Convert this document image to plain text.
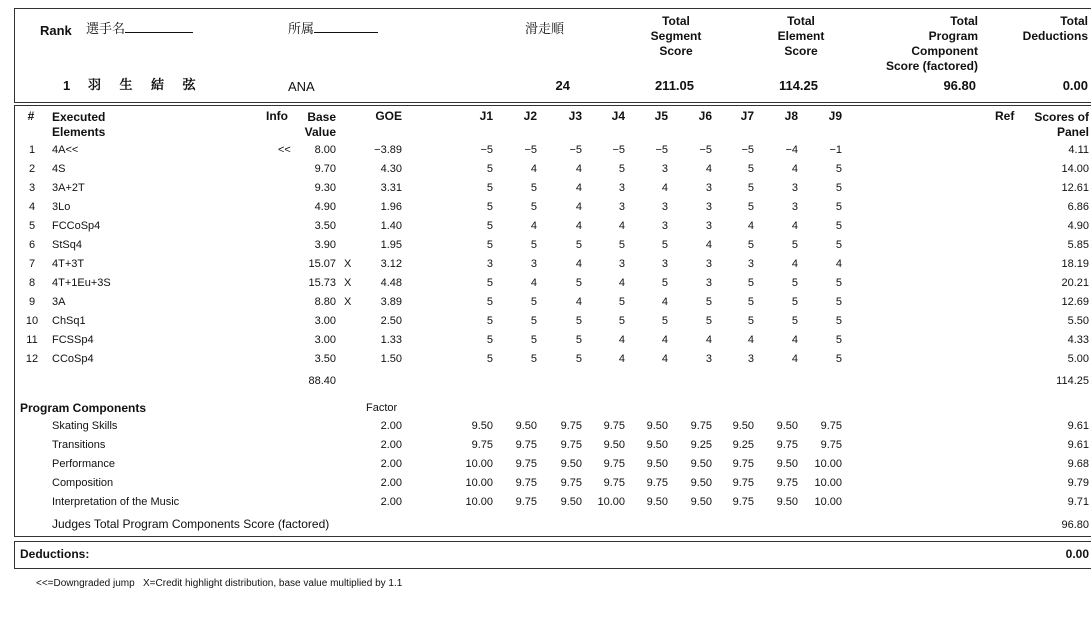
Rank 選手名	所属	滑走順
Total
Segment
Score
Total
Element
Score
Total
Program
Component
Score (factored)
Total
Deductions
1 羽 生 結 弦	ANA	24	211.05	114.25	96.80	0.00
#	Executed
Elements
Info	Base
Value
GOE	Ref	Scores of
Panel
J1	J2	J3	J4	J5	J6	J7	J8	J9
1	4A<<	<<	8.00	−3.89	−5	−5	−5	−5	−5	−5	−5	−4	−1	4.11
2	4S	9.70	4.30	5	4	4	5	3	4	5	4	5	14.00
3	3A+2T	9.30	3.31	5	5	4	3	4	3	5	3	5	12.61
4	3Lo	4.90	1.96	5	5	4	3	3	3	5	3	5	6.86
5	FCCoSp4	3.50	1.40	5	4	4	4	3	3	4	4	5	4.90
6	StSq4	3.90	1.95	5	5	5	5	5	4	5	5	5	5.85
7	4T+3T	15.07 X	3.12	3	3	4	3	3	3	3	4	4	18.19
8	4T+1Eu+3S	15.73 X	4.48	5	4	5	4	5	3	5	5	5	20.21
9	3A	8.80 X	3.89	5	5	4	5	4	5	5	5	5	12.69
10	ChSq1	3.00	2.50	5	5	5	5	5	5	5	5	5	5.50
11	FCSSp4	3.00	1.33	5	5	5	4	4	4	4	4	5	4.33
12	CCoSp4	3.50	1.50	5	5	5	4	4	3	3	4	5	5.00
88.40	114.25
Program Components	Factor
Skating Skills	2.00	9.50	9.50	9.75	9.75	9.50	9.75	9.50	9.50	9.75	9.61
Transitions	2.00	9.75	9.75	9.75	9.50	9.50	9.25	9.25	9.75	9.75	9.61
Performance	2.00	10.00	9.75	9.50	9.75	9.50	9.50	9.75	9.50	10.00	9.68
Composition	2.00	10.00	9.75	9.75	9.75	9.75	9.50	9.75	9.75	10.00	9.79
Interpretation of the Music	2.00	10.00	9.75	9.50	10.00	9.50	9.50	9.75	9.50	10.00	9.71
Judges Total Program Components Score (factored)	96.80
Deductions:	0.00
<<=Downgraded jump   X=Credit highlight distribution, base value multiplied by 1.1
